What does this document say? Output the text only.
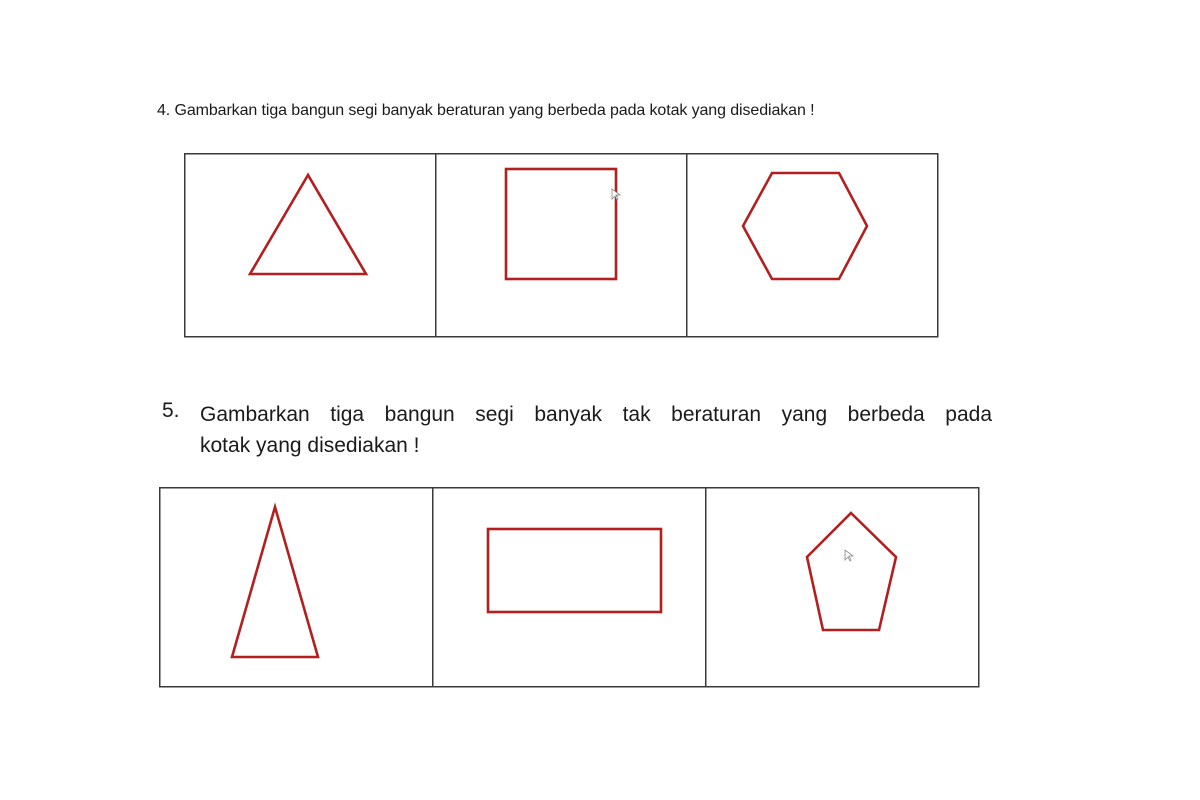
4. Gambarkan tiga bangun segi banyak beraturan yang berbeda pada kotak yang disediakan !
5. Gambarkan tiga bangun segi banyak tak beraturan yang berbeda pada
kotak yang disediakan !
